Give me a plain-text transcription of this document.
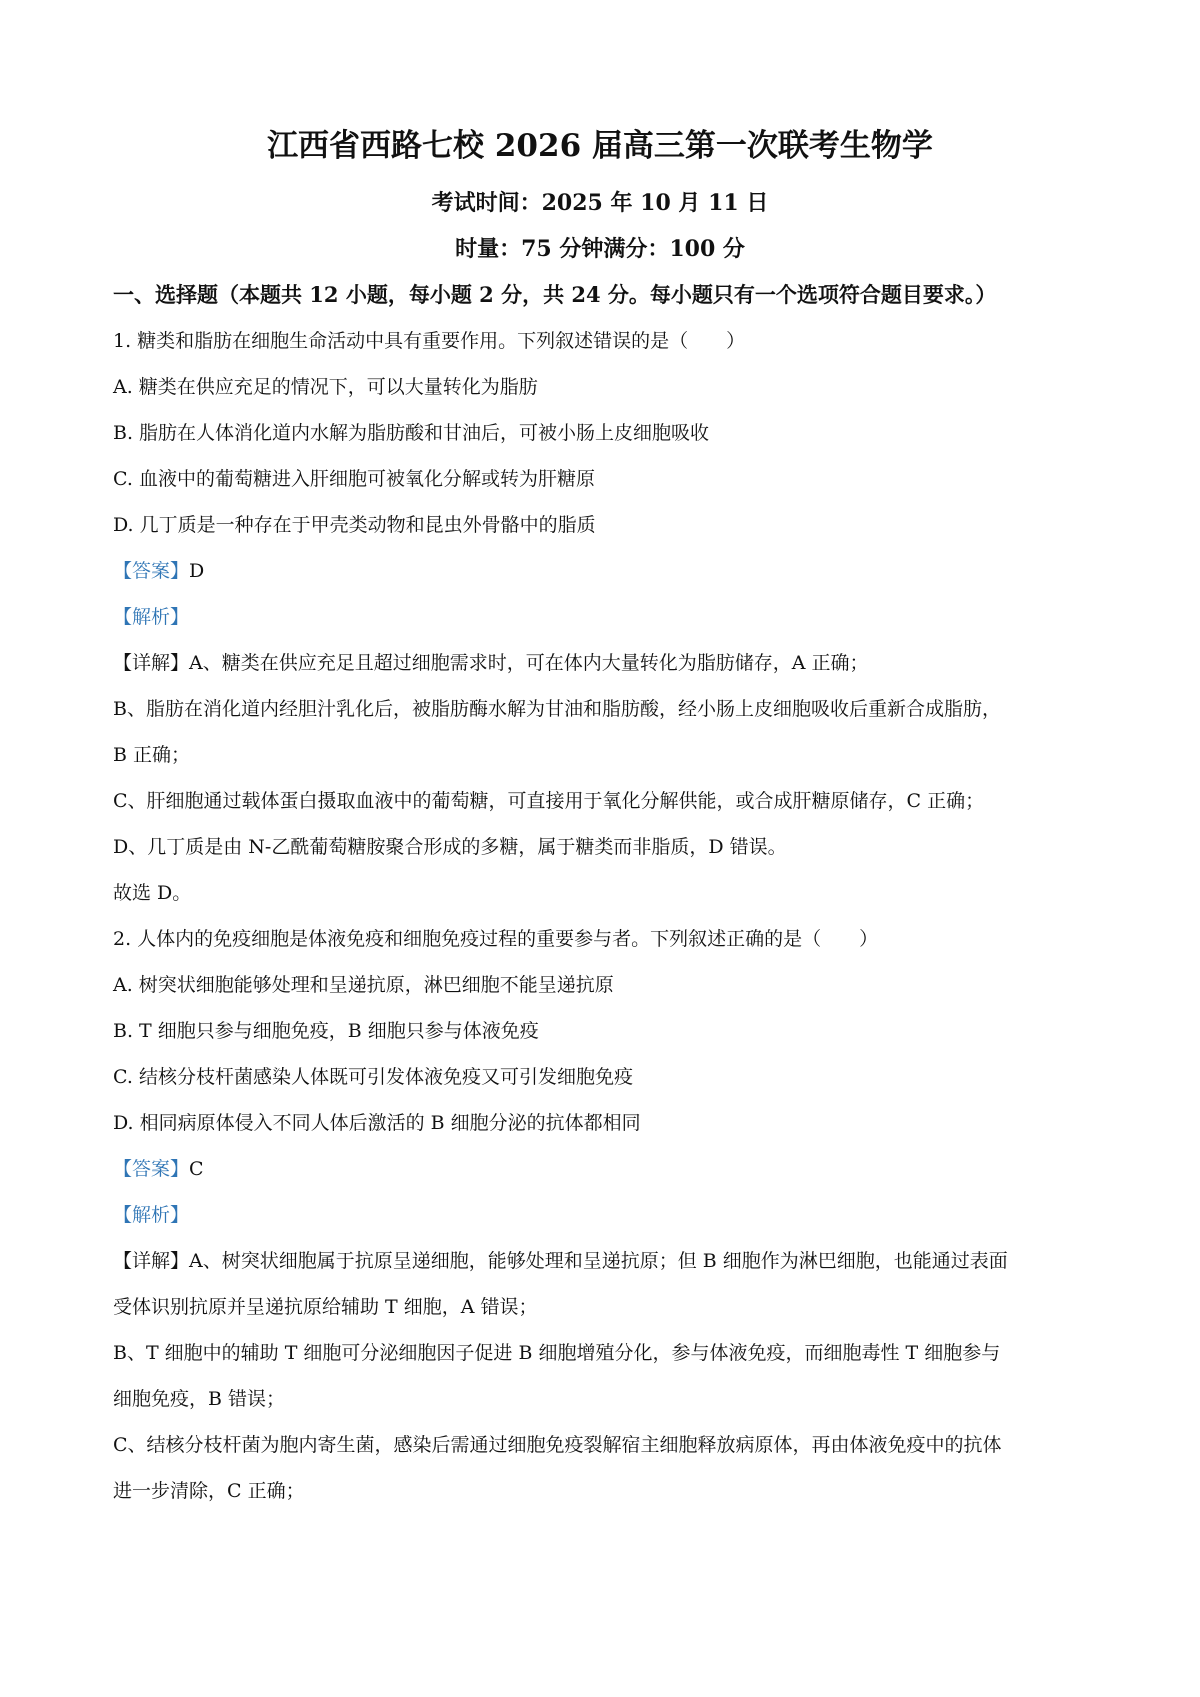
江西省西路七校 2026 届高三第一次联考生物学
考试时间：2025 年 10 月 11 日
时量：75 分钟满分：100 分
一、选择题（本题共 12 小题，每小题 2 分，共 24 分。每小题只有一个选项符合题目要求。）
1. 糖类和脂肪在细胞生命活动中具有重要作用。下列叙述错误的是（　　）
A. 糖类在供应充足的情况下，可以大量转化为脂肪
B. 脂肪在人体消化道内水解为脂肪酸和甘油后，可被小肠上皮细胞吸收
C. 血液中的葡萄糖进入肝细胞可被氧化分解或转为肝糖原
D. 几丁质是一种存在于甲壳类动物和昆虫外骨骼中的脂质
【答案】D
【解析】
【详解】A、糖类在供应充足且超过细胞需求时，可在体内大量转化为脂肪储存，A 正确；
B、脂肪在消化道内经胆汁乳化后，被脂肪酶水解为甘油和脂肪酸，经小肠上皮细胞吸收后重新合成脂肪，
B 正确；
C、肝细胞通过载体蛋白摄取血液中的葡萄糖，可直接用于氧化分解供能，或合成肝糖原储存，C 正确；
D、几丁质是由 N-乙酰葡萄糖胺聚合形成的多糖，属于糖类而非脂质，D 错误。
故选 D。
2. 人体内的免疫细胞是体液免疫和细胞免疫过程的重要参与者。下列叙述正确的是（　　）
A. 树突状细胞能够处理和呈递抗原，淋巴细胞不能呈递抗原
B. T 细胞只参与细胞免疫，B 细胞只参与体液免疫
C. 结核分枝杆菌感染人体既可引发体液免疫又可引发细胞免疫
D. 相同病原体侵入不同人体后激活的 B 细胞分泌的抗体都相同
【答案】C
【解析】
【详解】A、树突状细胞属于抗原呈递细胞，能够处理和呈递抗原；但 B 细胞作为淋巴细胞，也能通过表面
受体识别抗原并呈递抗原给辅助 T 细胞，A 错误；
B、T 细胞中的辅助 T 细胞可分泌细胞因子促进 B 细胞增殖分化，参与体液免疫，而细胞毒性 T 细胞参与
细胞免疫，B 错误；
C、结核分枝杆菌为胞内寄生菌，感染后需通过细胞免疫裂解宿主细胞释放病原体，再由体液免疫中的抗体
进一步清除，C 正确；
